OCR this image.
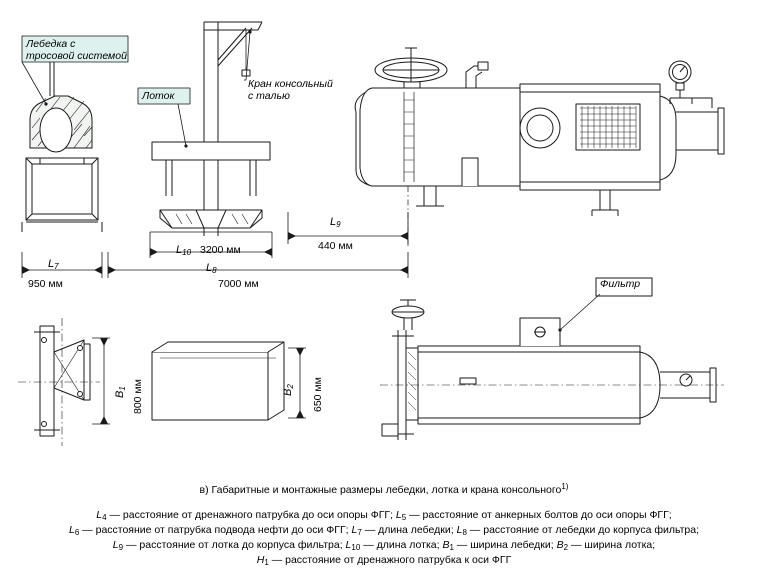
Лебедка с
тросовой системой
Лоток
Кран консольный
с талью
Фильтр
$L_9$
440 мм
$L_{10}$ 3200 мм
$L_8$
7000 мм
$L_7$
950 мм
$B_1$ 800 мм	$B_2$ 650 мм
в) Габаритные и монтажные размеры лебедки, лотка и крана консольного$^{1)}$
$L_4$ — расстояние от дренажного патрубка до оси опоры ФГГ; $L_5$ — расстояние от анкерных болтов до оси опоры ФГГ;
$L_6$ — расстояние от патрубка подвода нефти до оси ФГГ; $L_7$ — длина лебедки; $L_8$ — расстояние от лебедки до корпуса фильтра;
$L_9$ — расстояние от лотка до корпуса фильтра; $L_{10}$ — длина лотка; $B_1$ — ширина лебедки; $B_2$ — ширина лотка;
$H_1$ — расстояние от дренажного патрубка к оси ФГГ
